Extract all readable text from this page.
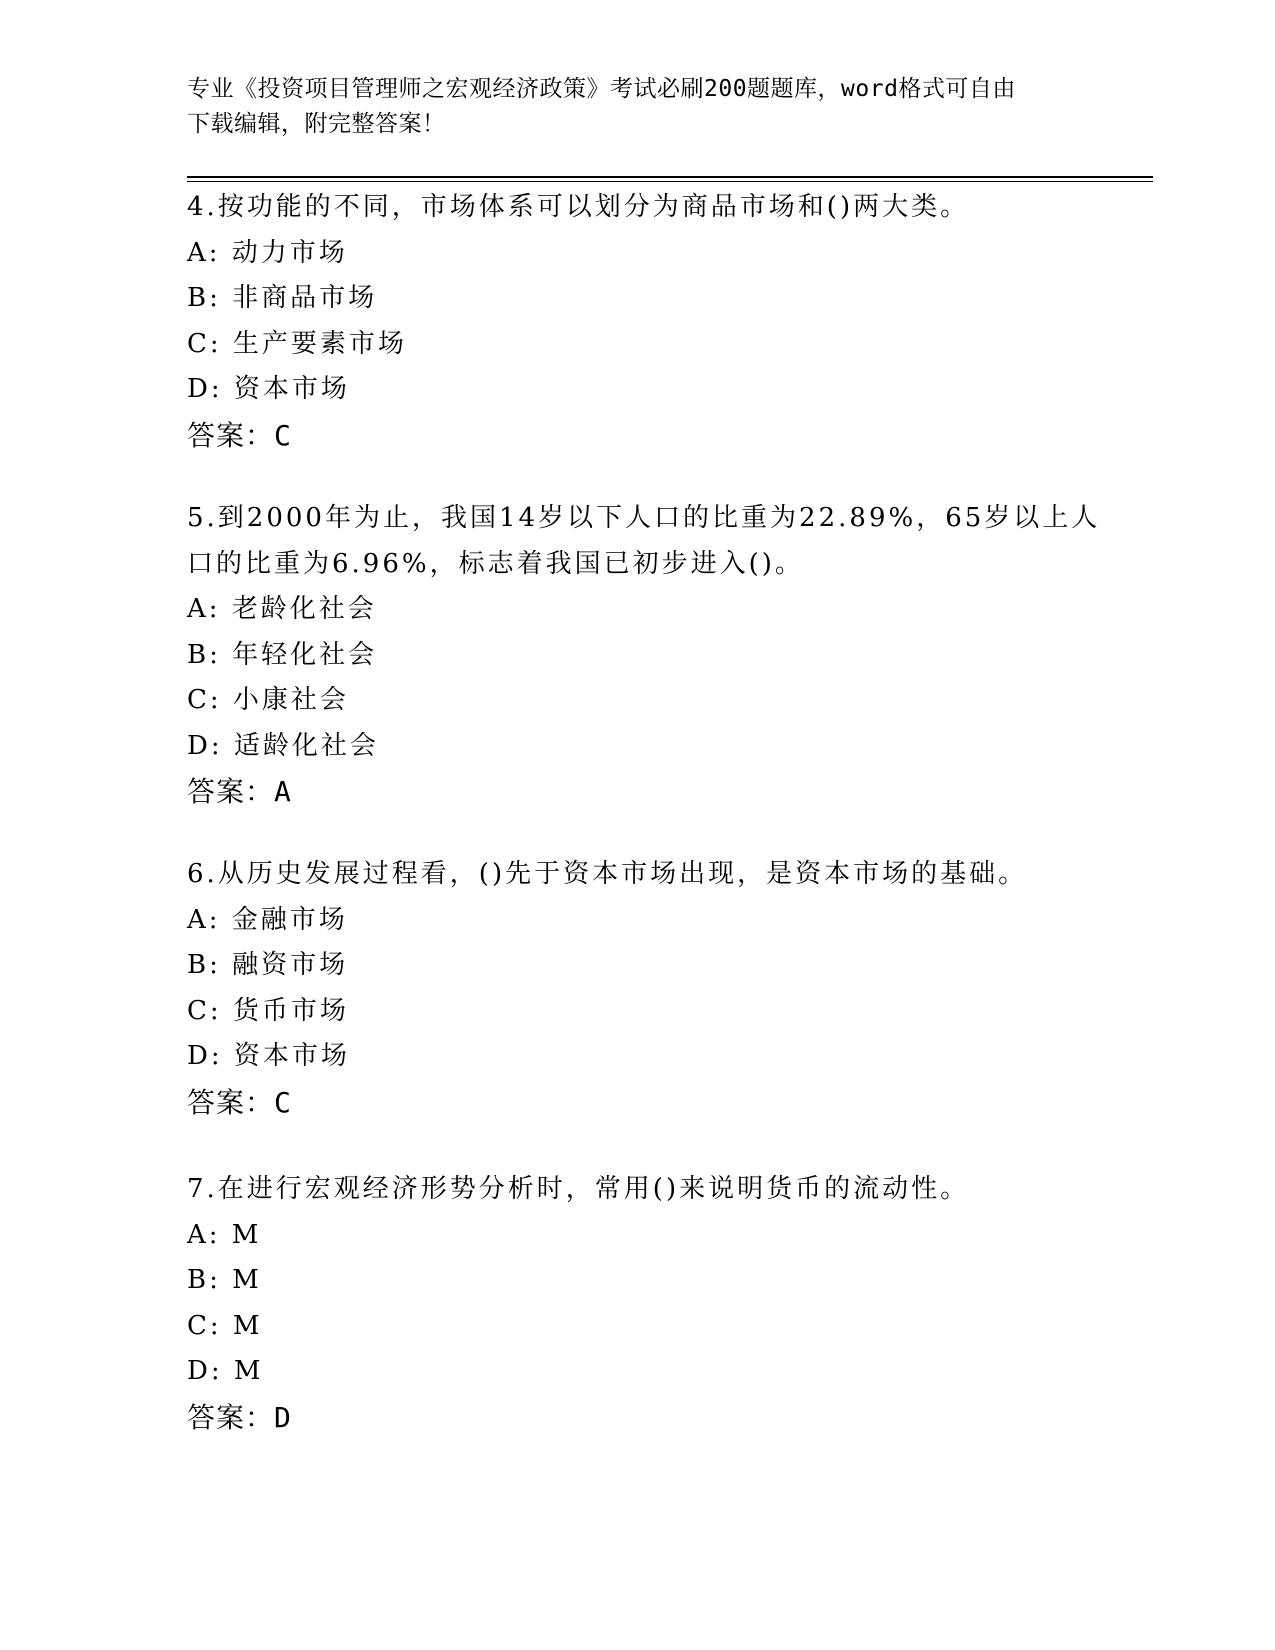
专业《投资项目管理师之宏观经济政策》考试必刷200题题库，word格式可自由
下载编辑，附完整答案！
4.按功能的不同，市场体系可以划分为商品市场和()两大类。
A: 动力市场
B: 非商品市场
C: 生产要素市场
D: 资本市场
答案：C
5.到2000年为止，我国14岁以下人口的比重为22.89%，65岁以上人
口的比重为6.96%，标志着我国已初步进入()。
A: 老龄化社会
B: 年轻化社会
C: 小康社会
D: 适龄化社会
答案：A
6.从历史发展过程看，()先于资本市场出现，是资本市场的基础。
A: 金融市场
B: 融资市场
C: 货币市场
D: 资本市场
答案：C
7.在进行宏观经济形势分析时，常用()来说明货币的流动性。
A: M
B: M
C: M
D: M
答案：D
